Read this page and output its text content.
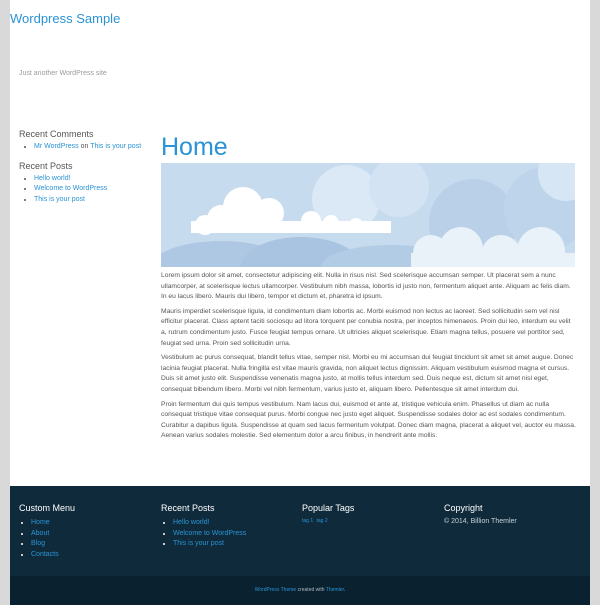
Wordpress Sample
Just another WordPress site
Recent Comments
• Mr WordPress on This is your post
Recent Posts
• Hello world!
• Welcome to WordPress
• This is your post
Home

Lorem ipsum dolor sit amet, consectetur adipiscing elit. Nulla in risus nisl. Sed scelerisque accumsan semper. Ut placerat sem a nunc ullamcorper, at scelerisque lectus ullamcorper. Vestibulum nibh massa, lobortis id justo non, fermentum aliquet ante. Aliquam ac felis diam. In eu lacus libero. Mauris dui libero, tempor et dictum et, pharetra id ipsum.

Mauris imperdiet scelerisque ligula, id condimentum diam lobortis ac. Morbi euismod non lectus ac laoreet. Sed sollicitudin sem vel nisl efficitur placerat. Class aptent taciti sociosqu ad litora torquent per conubia nostra, per inceptos himenaeos. Proin dui leo, interdum eu velit a, rutrum condimentum justo. Fusce feugiat tempus ornare. Ut ultricies aliquet scelerisque. Etiam magna tellus, posuere vel porttitor sed, feugiat sed urna. Proin sed sollicitudin urna.

Vestibulum ac purus consequat, blandit tellus vitae, semper nisl. Morbi eu mi accumsan dui feugiat tincidunt sit amet sit amet augue. Donec lacinia feugiat placerat. Nulla fringilla est vitae mauris gravida, non aliquet lectus dignissim. Aliquam vestibulum euismod magna et cursus. Duis sit amet justo elit. Suspendisse venenatis magna justo, at mollis tellus interdum sed. Duis neque est, dictum sit amet nisl eget, consequat bibendum libero. Morbi vel nibh fermentum, varius justo et, aliquam libero. Pellentesque sit amet interdum dui.

Proin fermentum dui quis tempus vestibulum. Nam lacus dui, euismod et ante at, tristique vehicula enim. Phasellus ut diam ac nulla consequat tristique vitae consequat purus. Morbi congue nec justo eget aliquet. Suspendisse sodales dolor ac est sodales condimentum. Curabitur a dapibus ligula. Suspendisse at quam sed lacus fermentum volutpat. Donec diam magna, placerat a aliquet vel, auctor eu massa. Aenean varius sodales molestie. Sed elementum dolor a arcu finibus, in hendrerit ante mollis.

Custom Menu
• Home
• About
• Blog
• Contacts
Recent Posts
• Hello world!
• Welcome to WordPress
• This is your post
Popular Tags
tag 1 tag 2
Copyright
© 2014, Billion Themler
WordPress Theme created with Themler.
